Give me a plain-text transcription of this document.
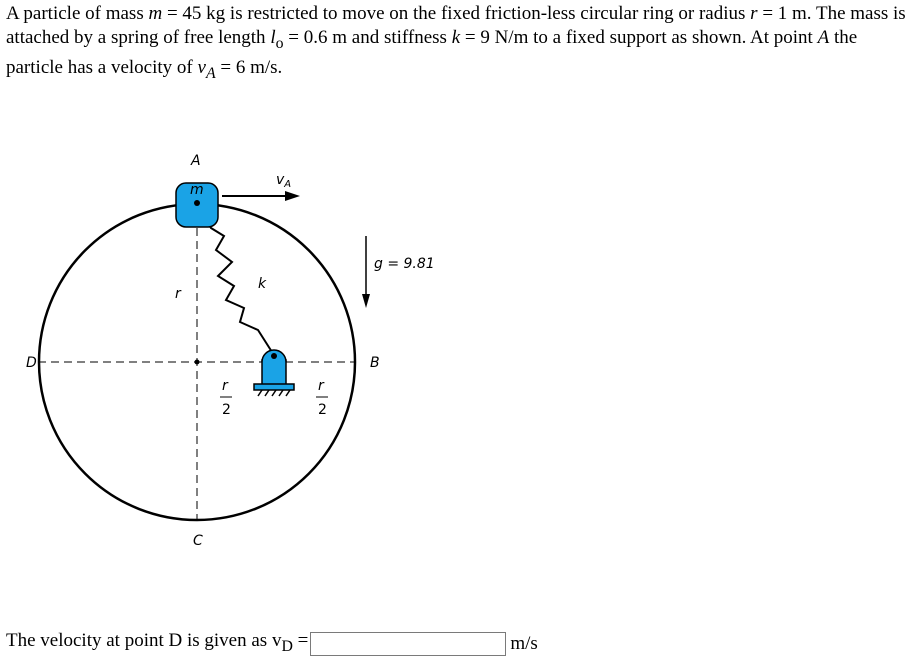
A particle of mass m = 45 kg is restricted to move on the fixed friction-less circular ring or radius r = 1 m. The mass is attached by a spring of free length $l_o = 0.6$ m and stiffness k = 9 N/m to a fixed support as shown. At point A the particle has a velocity of $v_A = 6$ m/s.

A
m
$v_A$
k
r
D	B
C
g = 9.81
r
2
r
2
The velocity at point D is given as $v_D$ =	m/s
